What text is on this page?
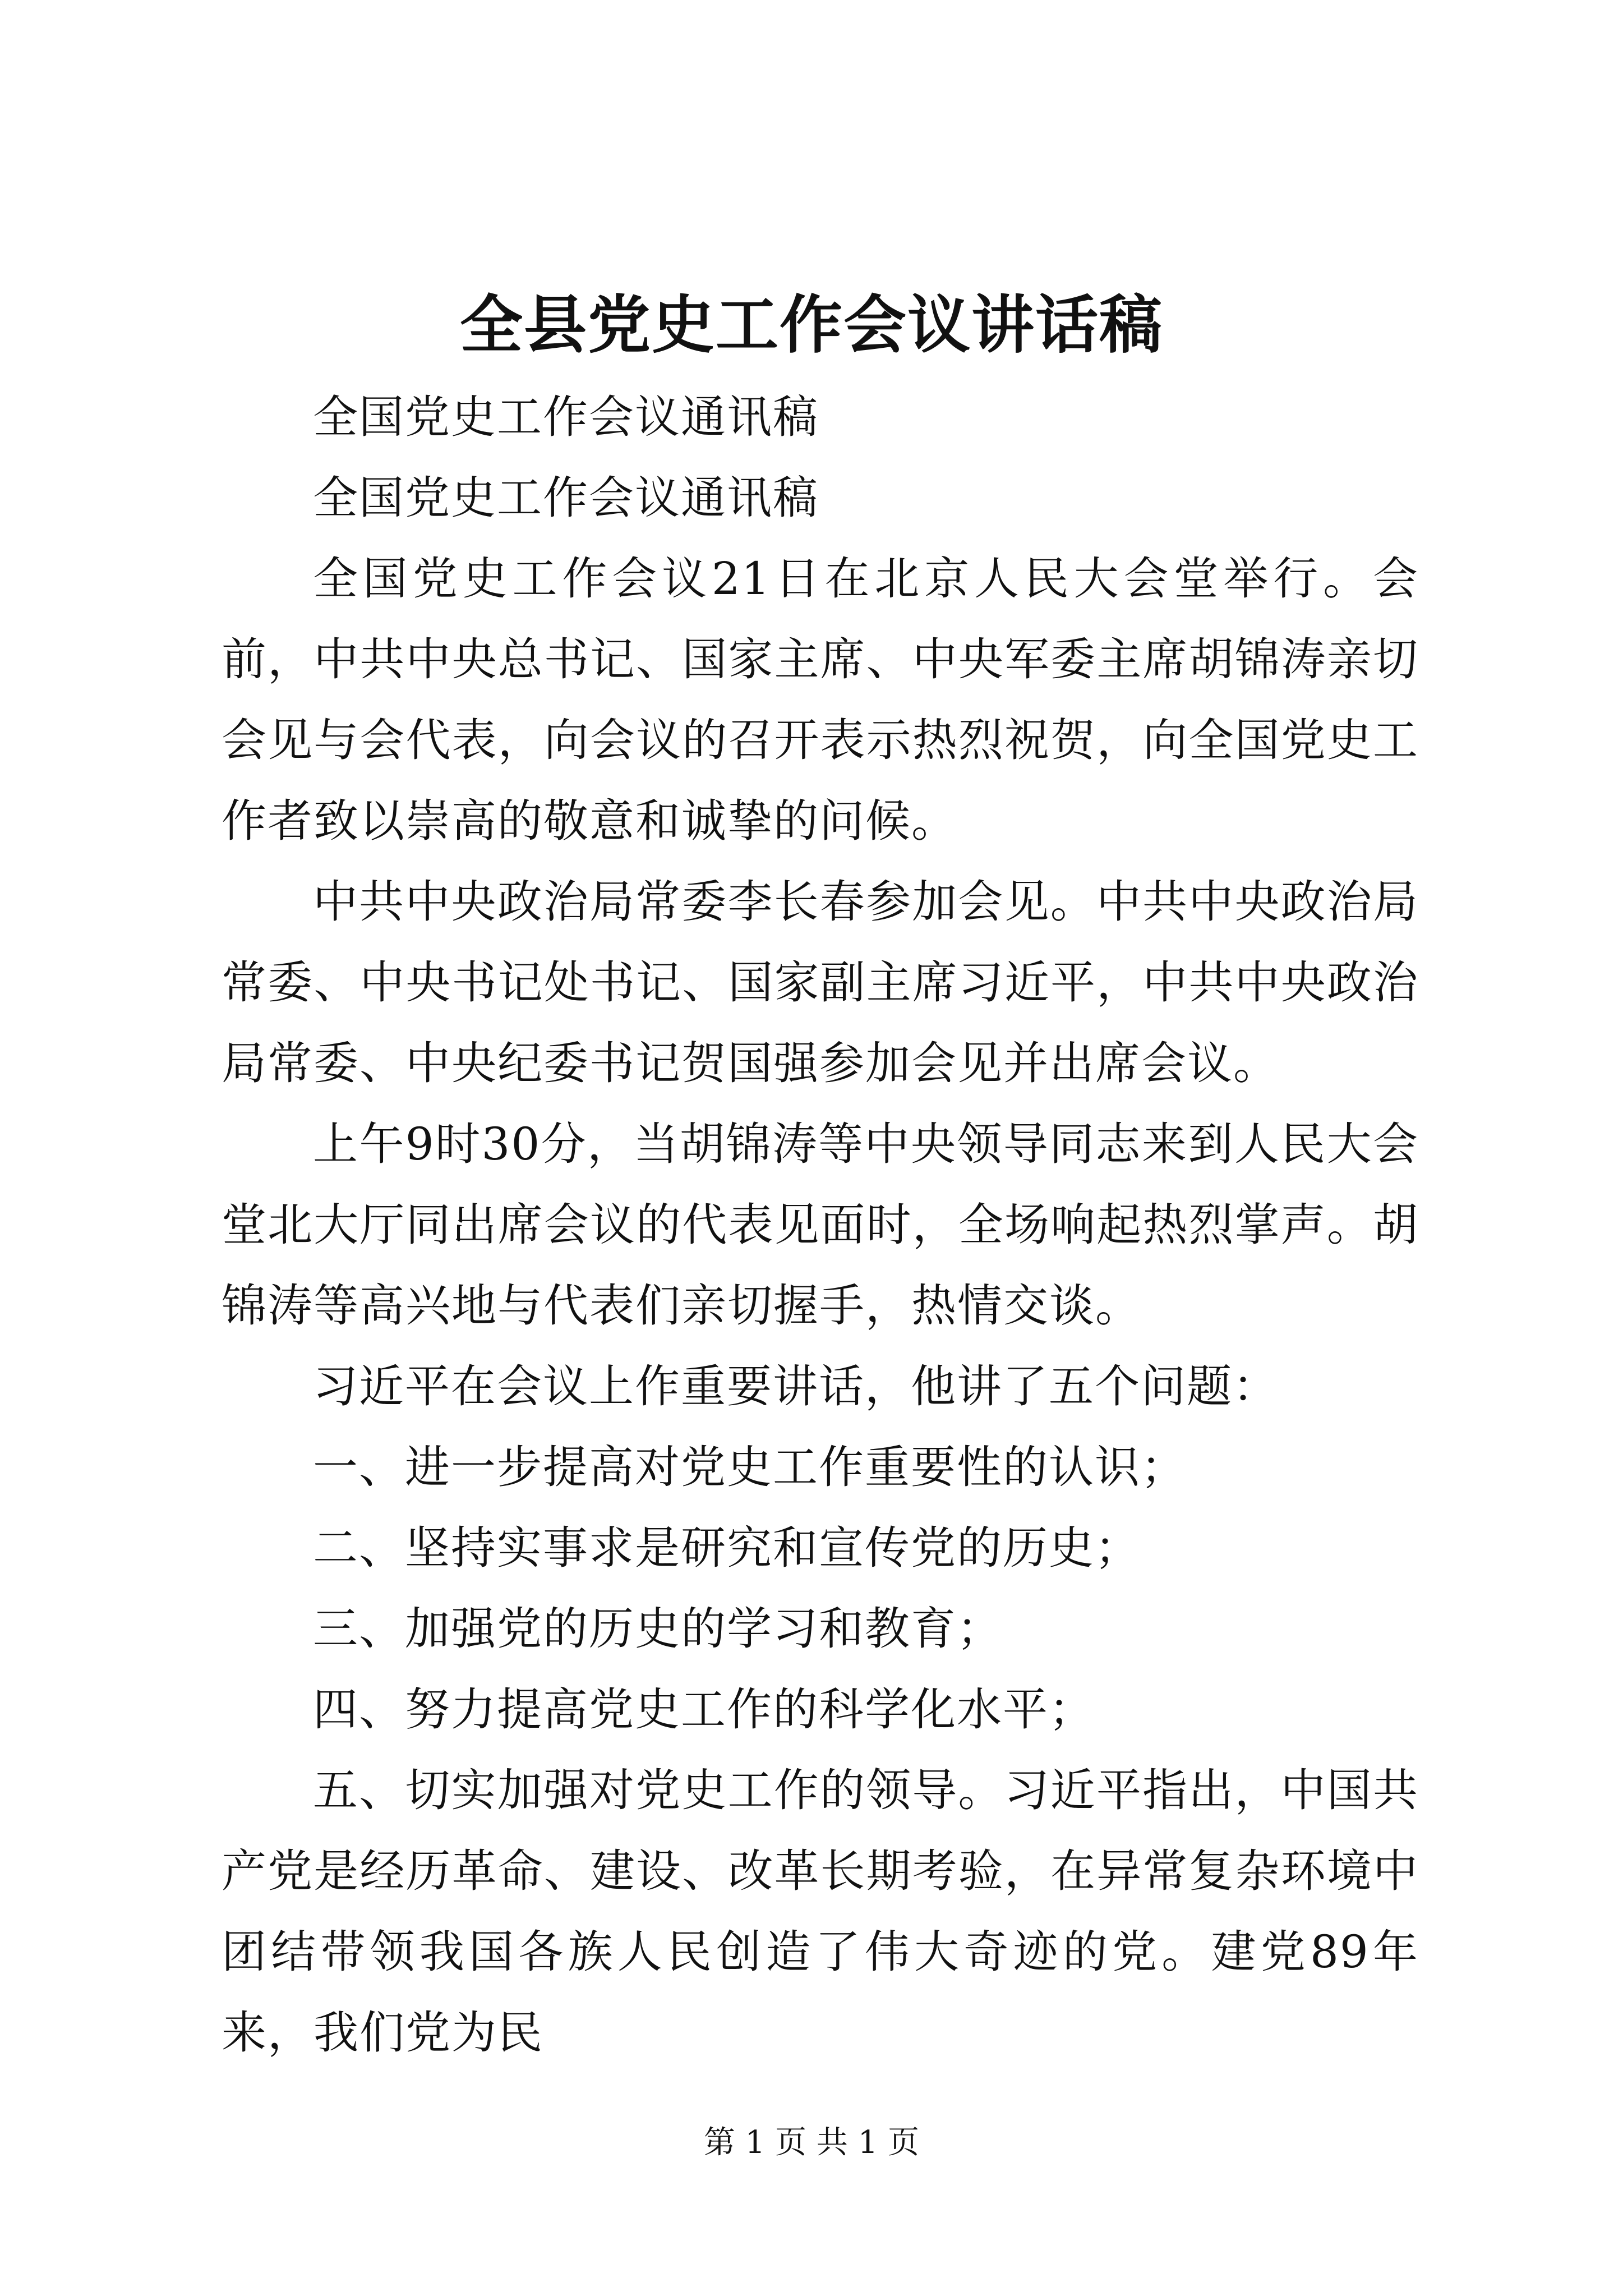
全县党史工作会议讲话稿

全国党史工作会议通讯稿

全国党史工作会议通讯稿

全国党史工作会议21日在北京人民大会堂举行。会前，中共中央总书记、国家主席、中央军委主席胡锦涛亲切会见与会代表，向会议的召开表示热烈祝贺，向全国党史工作者致以崇高的敬意和诚挚的问候。

中共中央政治局常委李长春参加会见。中共中央政治局常委、中央书记处书记、国家副主席习近平，中共中央政治局常委、中央纪委书记贺国强参加会见并出席会议。

上午9时30分，当胡锦涛等中央领导同志来到人民大会堂北大厅同出席会议的代表见面时，全场响起热烈掌声。胡锦涛等高兴地与代表们亲切握手，热情交谈。

习近平在会议上作重要讲话，他讲了五个问题：

一、进一步提高对党史工作重要性的认识；

二、坚持实事求是研究和宣传党的历史；

三、加强党的历史的学习和教育；

四、努力提高党史工作的科学化水平；

五、切实加强对党史工作的领导。习近平指出，中国共产党是经历革命、建设、改革长期考验，在异常复杂环境中团结带领我国各族人民创造了伟大奇迹的党。建党89年来，我们党为民

第 1 页 共 1 页
